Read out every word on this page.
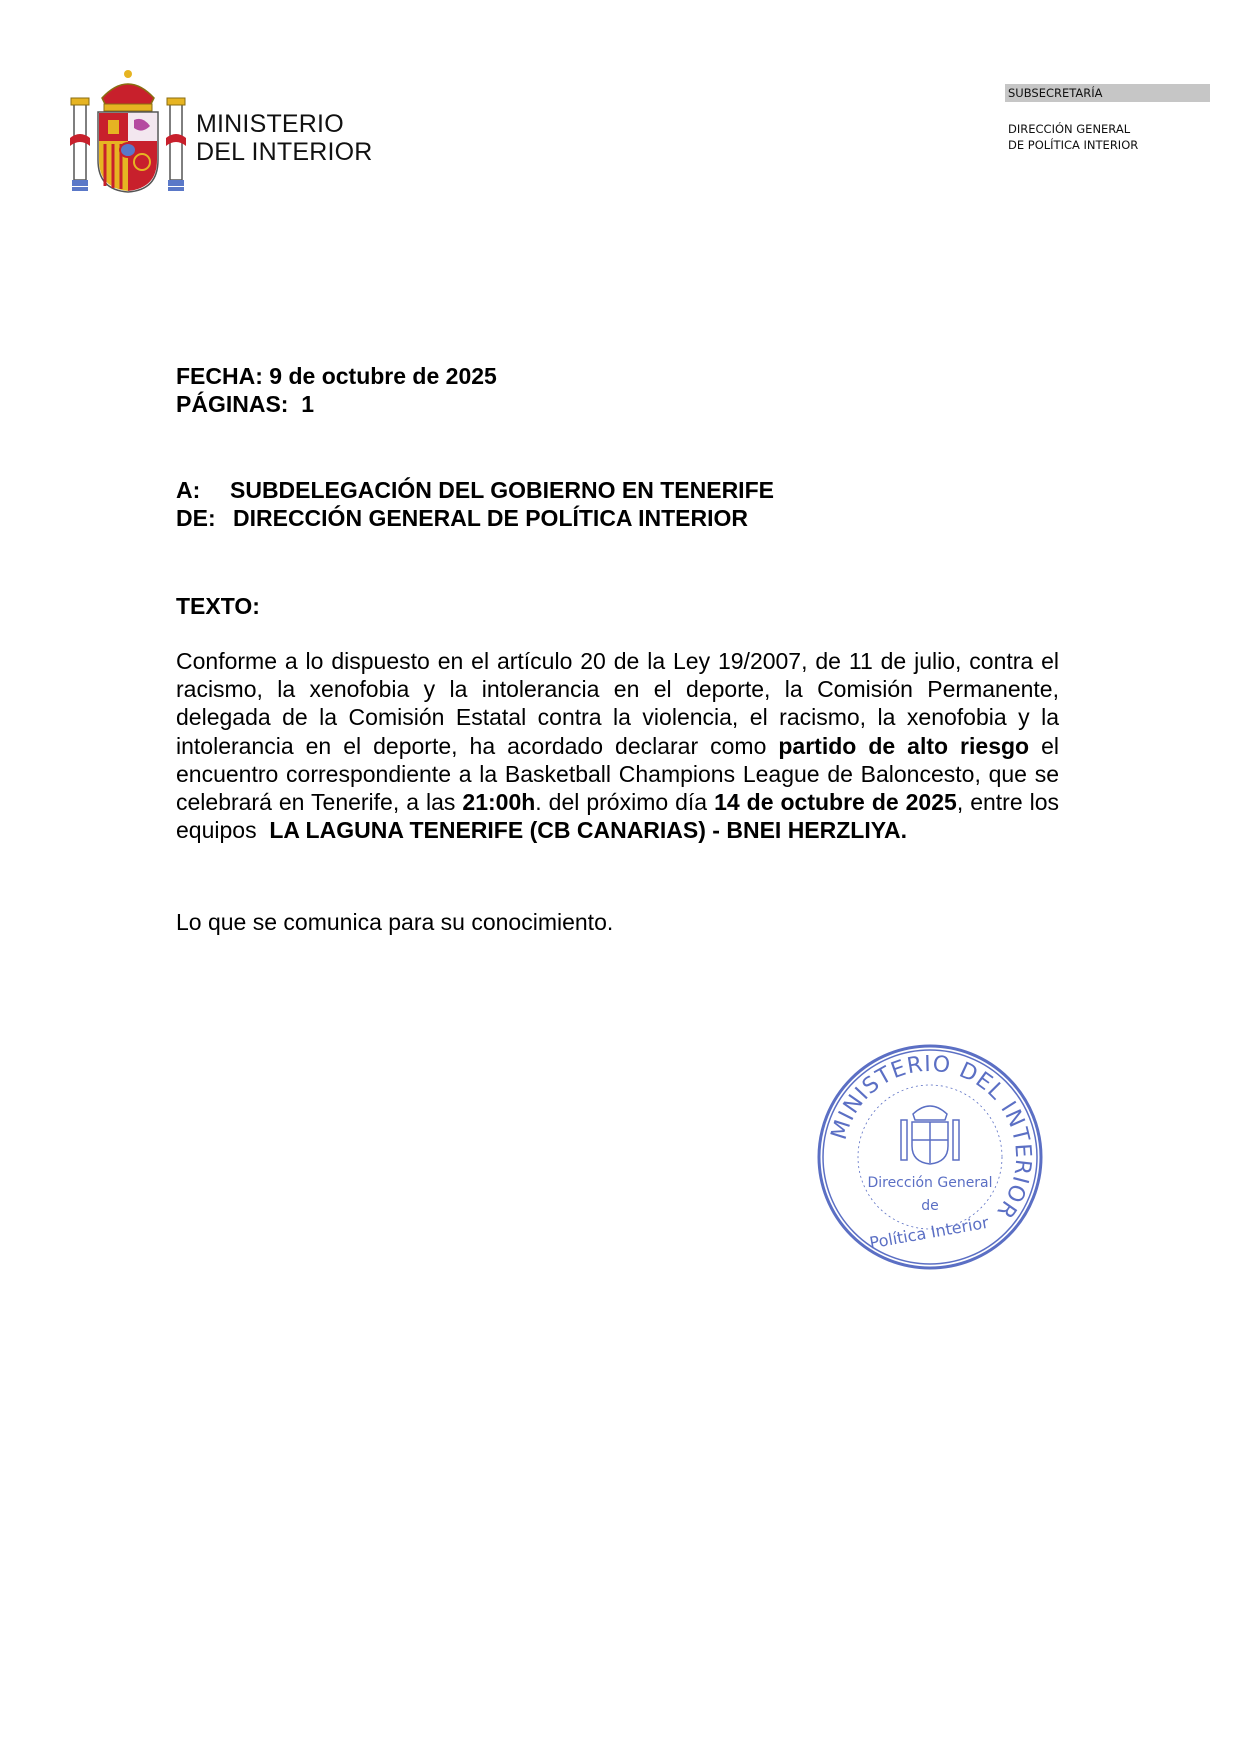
MINISTERIO
DEL INTERIOR
SUBSECRETARÍA
DIRECCIÓN GENERAL
DE POLÍTICA INTERIOR
FECHA: 9 de octubre de 2025
PÁGINAS: 1
A:	SUBDELEGACIÓN DEL GOBIERNO EN TENERIFE
DE: DIRECCIÓN GENERAL DE POLÍTICA INTERIOR
TEXTO:
Conforme a lo dispuesto en el artículo 20 de la Ley 19/2007, de 11 de julio, contra el racismo, la xenofobia y la intolerancia en el deporte, la Comisión Permanente, delegada de la Comisión Estatal contra la violencia, el racismo, la xenofobia y la intolerancia en el deporte, ha acordado declarar como partido de alto riesgo el encuentro correspondiente a la Basketball Champions League de Baloncesto, que se celebrará en Tenerife, a las 21:00h. del próximo día 14 de octubre de 2025, entre los equipos  LA LAGUNA TENERIFE (CB CANARIAS) - BNEI HERZLIYA.
Lo que se comunica para su conocimiento.
MINISTERIO DEL INTERIOR
Dirección General
de
Política Interior
